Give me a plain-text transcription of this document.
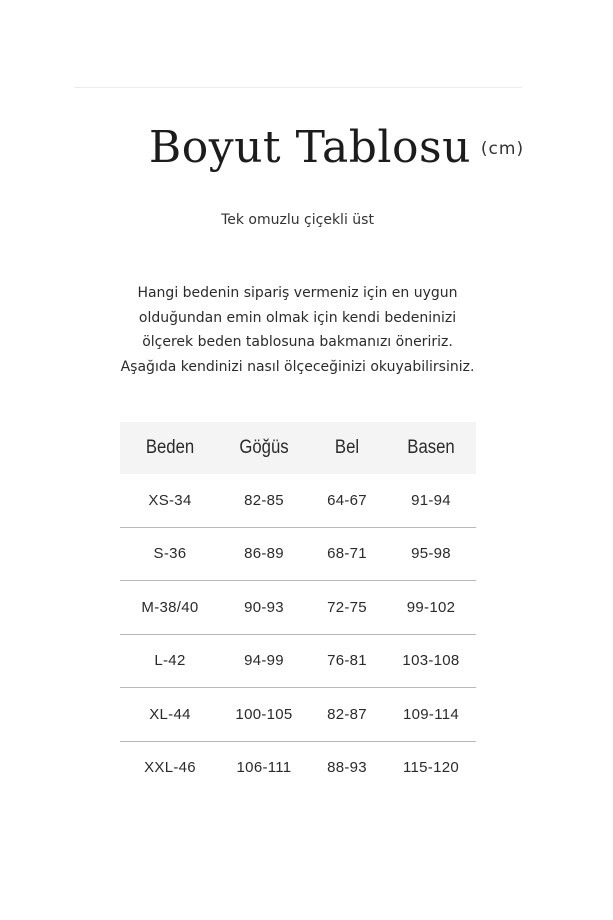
Boyut Tablosu (cm)
Tek omuzlu çiçekli üst

Hangi bedenin sipariş vermeniz için en uygun

olduğundan emin olmak için kendi bedeninizi

ölçerek beden tablosuna bakmanızı öneririz.

Aşağıda kendinizi nasıl ölçeceğinizi okuyabilirsiniz.

Beden	Göğüs	Bel	Basen
XS-34	82-85	64-67	91-94
S-36	86-89	68-71	95-98
M-38/40	90-93	72-75	99-102
L-42	94-99	76-81	103-108
XL-44	100-105	82-87	109-114
XXL-46	106-111	88-93	115-120
